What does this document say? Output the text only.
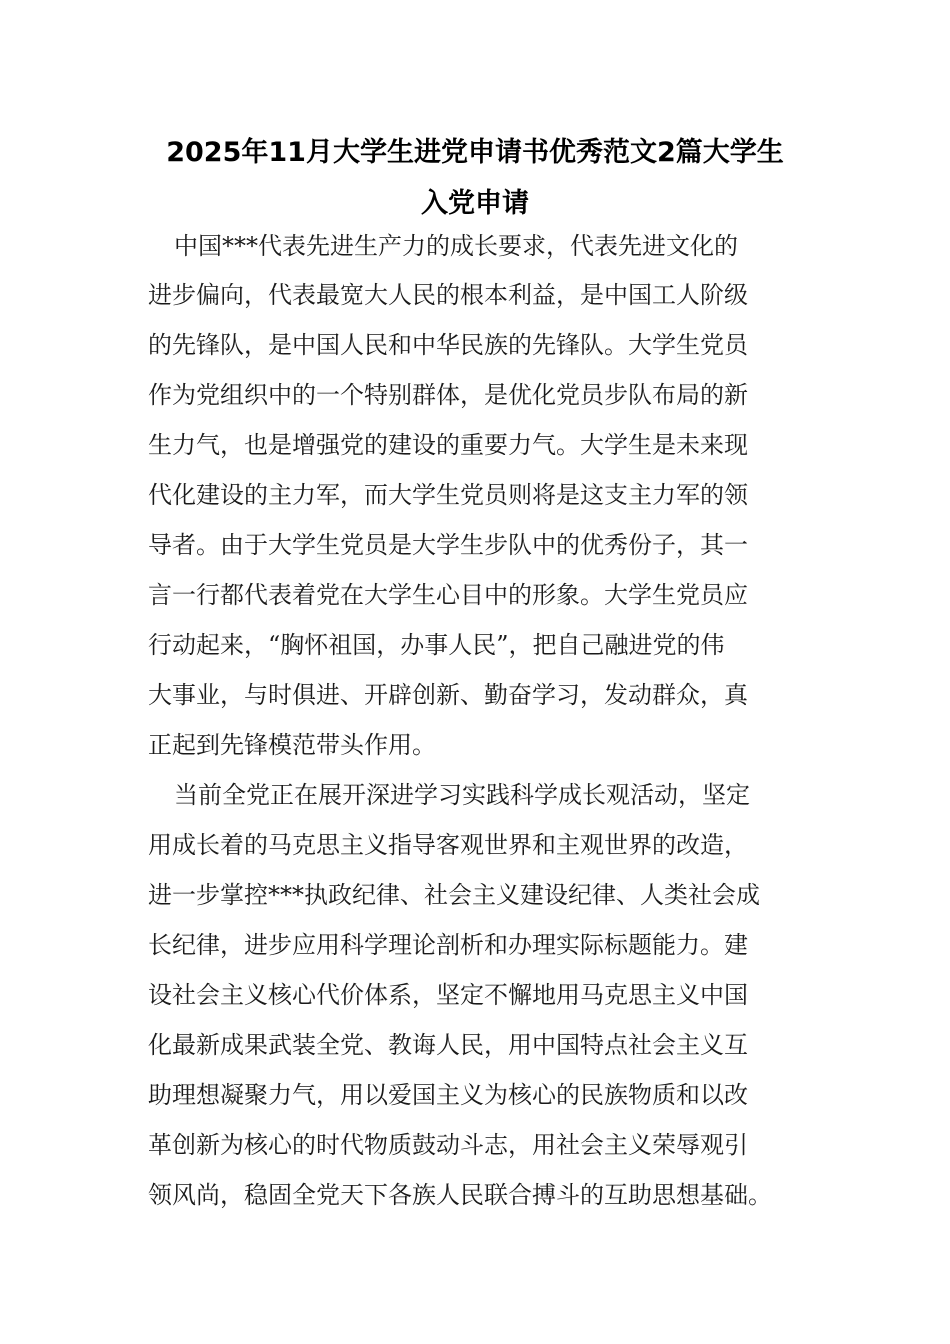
2025年11月大学生进党申请书优秀范文2篇大学生
入党申请
中国***代表先进生产力的成长要求，代表先进文化的
进步偏向，代表最宽大人民的根本利益，是中国工人阶级
的先锋队，是中国人民和中华民族的先锋队。大学生党员
作为党组织中的一个特别群体，是优化党员步队布局的新
生力气，也是增强党的建设的重要力气。大学生是未来现
代化建设的主力军，而大学生党员则将是这支主力军的领
导者。由于大学生党员是大学生步队中的优秀份子，其一
言一行都代表着党在大学生心目中的形象。大学生党员应
行动起来，“胸怀祖国，办事人民”，把自己融进党的伟
大事业，与时俱进、开辟创新、勤奋学习，发动群众，真
正起到先锋模范带头作用。
当前全党正在展开深进学习实践科学成长观活动，坚定
用成长着的马克思主义指导客观世界和主观世界的改造，
进一步掌控***执政纪律、社会主义建设纪律、人类社会成
长纪律，进步应用科学理论剖析和办理实际标题能力。建
设社会主义核心代价体系，坚定不懈地用马克思主义中国
化最新成果武装全党、教诲人民，用中国特点社会主义互
助理想凝聚力气，用以爱国主义为核心的民族物质和以改
革创新为核心的时代物质鼓动斗志，用社会主义荣辱观引
领风尚，稳固全党天下各族人民联合搏斗的互助思想基础。
